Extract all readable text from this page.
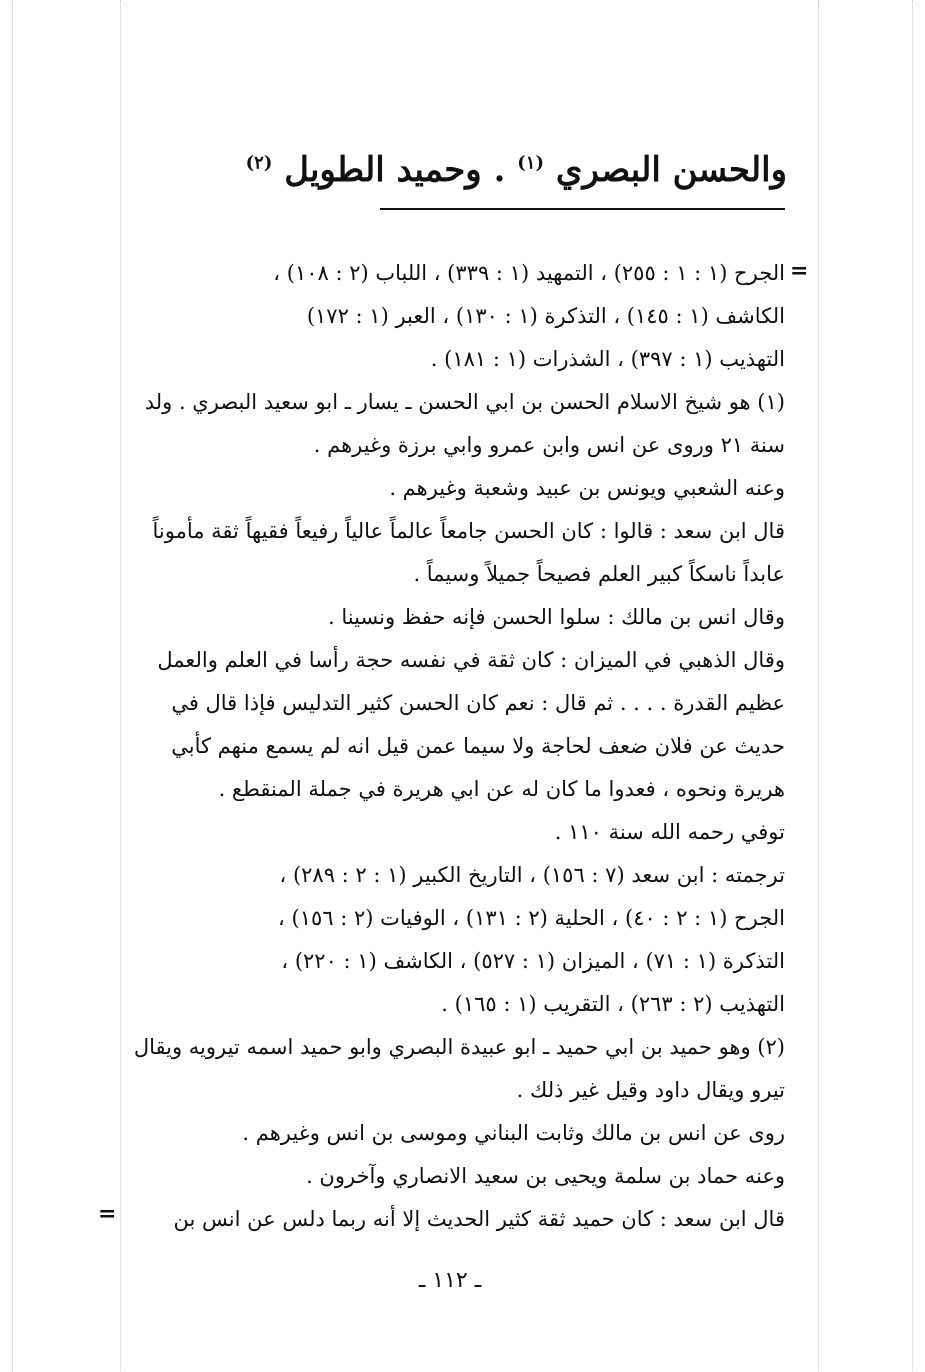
والحسن البصري $^{(١)}$ . وحميد الطويل $^{(٢)}$
=
الجرح (١ : ١ : ٢٥٥) ، التمهيد (١ : ٣٣٩) ، اللباب (٢ : ١٠٨) ،
الكاشف (١ : ١٤٥) ، التذكرة (١ : ١٣٠) ، العبر (١ : ١٧٢)
التهذيب (١ : ٣٩٧) ، الشذرات (١ : ١٨١) .
(١) هو شيخ الاسلام الحسن بن ابي الحسن ـ يسار ـ ابو سعيد البصري . ولد
سنة ٢١ وروى عن انس وابن عمرو وابي برزة وغيرهم .
وعنه الشعبي ويونس بن عبيد وشعبة وغيرهم .
قال ابن سعد : قالوا : كان الحسن جامعاً عالماً عالياً رفيعاً فقيهاً ثقة مأموناً
عابداً ناسكاً كبير العلم فصيحاً جميلاً وسيماً .
وقال انس بن مالك : سلوا الحسن فإنه حفظ ونسينا .
وقال الذهبي في الميزان : كان ثقة في نفسه حجة رأسا في العلم والعمل
عظيم القدرة . . . . ثم قال : نعم كان الحسن كثير التدليس فإذا قال في
حديث عن فلان ضعف لحاجة ولا سيما عمن قيل انه لم يسمع منهم كأبي
هريرة ونحوه ، فعدوا ما كان له عن ابي هريرة في جملة المنقطع .
توفي رحمه الله سنة ١١٠ .
ترجمته : ابن سعد (٧ : ١٥٦) ، التاريخ الكبير (١ : ٢ : ٢٨٩) ،
الجرح (١ : ٢ : ٤٠) ، الحلية (٢ : ١٣١) ، الوفيات (٢ : ١٥٦) ،
التذكرة (١ : ٧١) ، الميزان (١ : ٥٢٧) ، الكاشف (١ : ٢٢٠) ،
التهذيب (٢ : ٢٦٣) ، التقريب (١ : ١٦٥) .
(٢) وهو حميد بن ابي حميد ـ ابو عبيدة البصري وابو حميد اسمه تيرويه ويقال
تيرو ويقال داود وقيل غير ذلك .
روى عن انس بن مالك وثابت البناني وموسى بن انس وغيرهم .
وعنه حماد بن سلمة ويحيى بن سعيد الانصاري وآخرون .
قال ابن سعد : كان حميد ثقة كثير الحديث إلا أنه ربما دلس عن انس بن
=
ـ ١١٢ ـ
